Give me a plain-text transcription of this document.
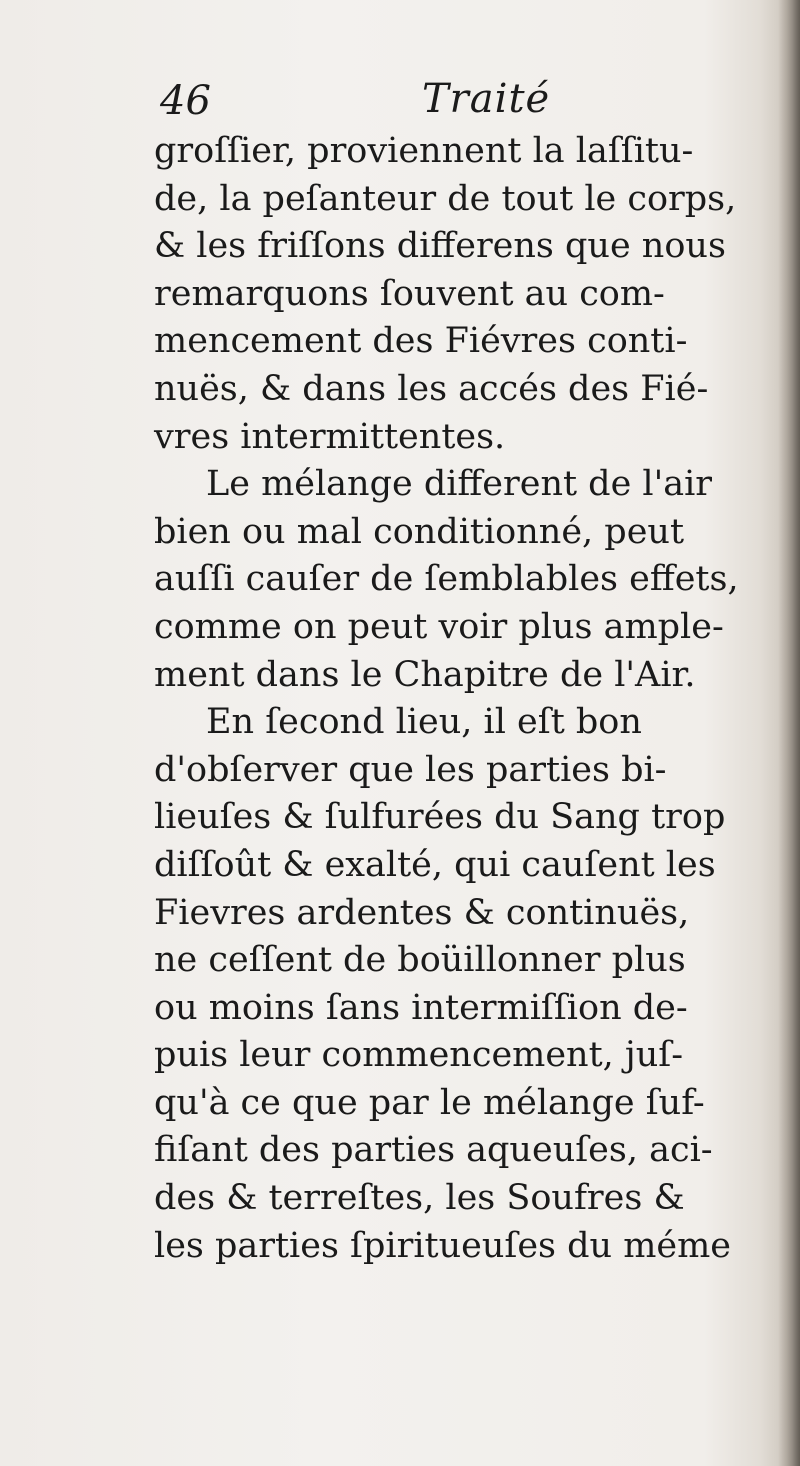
46	Traité
groſſier, proviennent la laſſitu-
de, la peſanteur de tout le corps,
& les friſſons differens que nous
remarquons ſouvent au com-
mencement des Fiévres conti-
nuës, & dans les accés des Fié-
vres intermittentes.
Le mélange different de l'air
bien ou mal conditionné, peut
auſſi cauſer de ſemblables effets,
comme on peut voir plus ample-
ment dans le Chapitre de l'Air.
En ſecond lieu, il eſt bon
d'obſerver que les parties bi-
lieuſes & ſulfurées du Sang trop
diſſoût & exalté, qui cauſent les
Fievres ardentes & continuës,
ne ceſſent de boüillonner plus
ou moins ſans intermiſſion de-
puis leur commencement, juſ-
qu'à ce que par le mélange ſuf-
fiſant des parties aqueuſes, aci-
des & terreſtes, les Soufres &
les parties ſpiritueuſes du méme
